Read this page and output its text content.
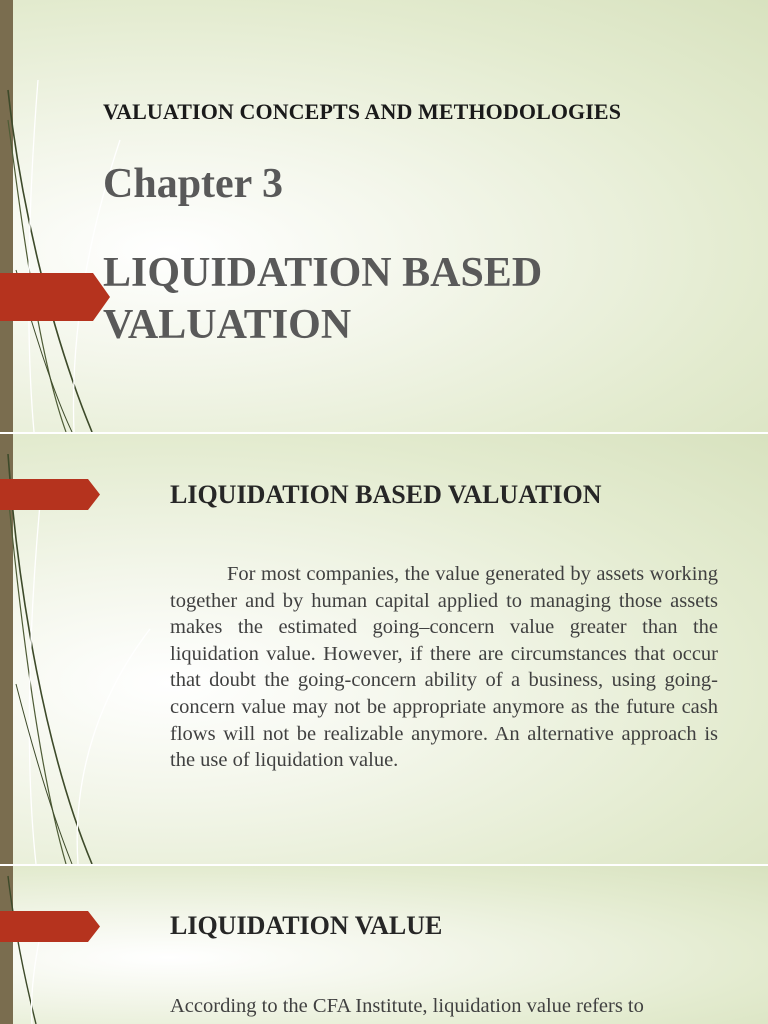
VALUATION CONCEPTS AND METHODOLOGIES
Chapter 3
LIQUIDATION BASED VALUATION
LIQUIDATION BASED VALUATION
For most companies, the value generated by assets working together and by human capital applied to managing those assets makes the estimated going–concern value greater than the liquidation value. However, if there are circumstances that occur that doubt the going-concern ability of a business, using going-concern value may not be appropriate anymore as the future cash flows will not be realizable anymore. An alternative approach is the use of liquidation value.
LIQUIDATION VALUE
According to the CFA Institute, liquidation value refers to
